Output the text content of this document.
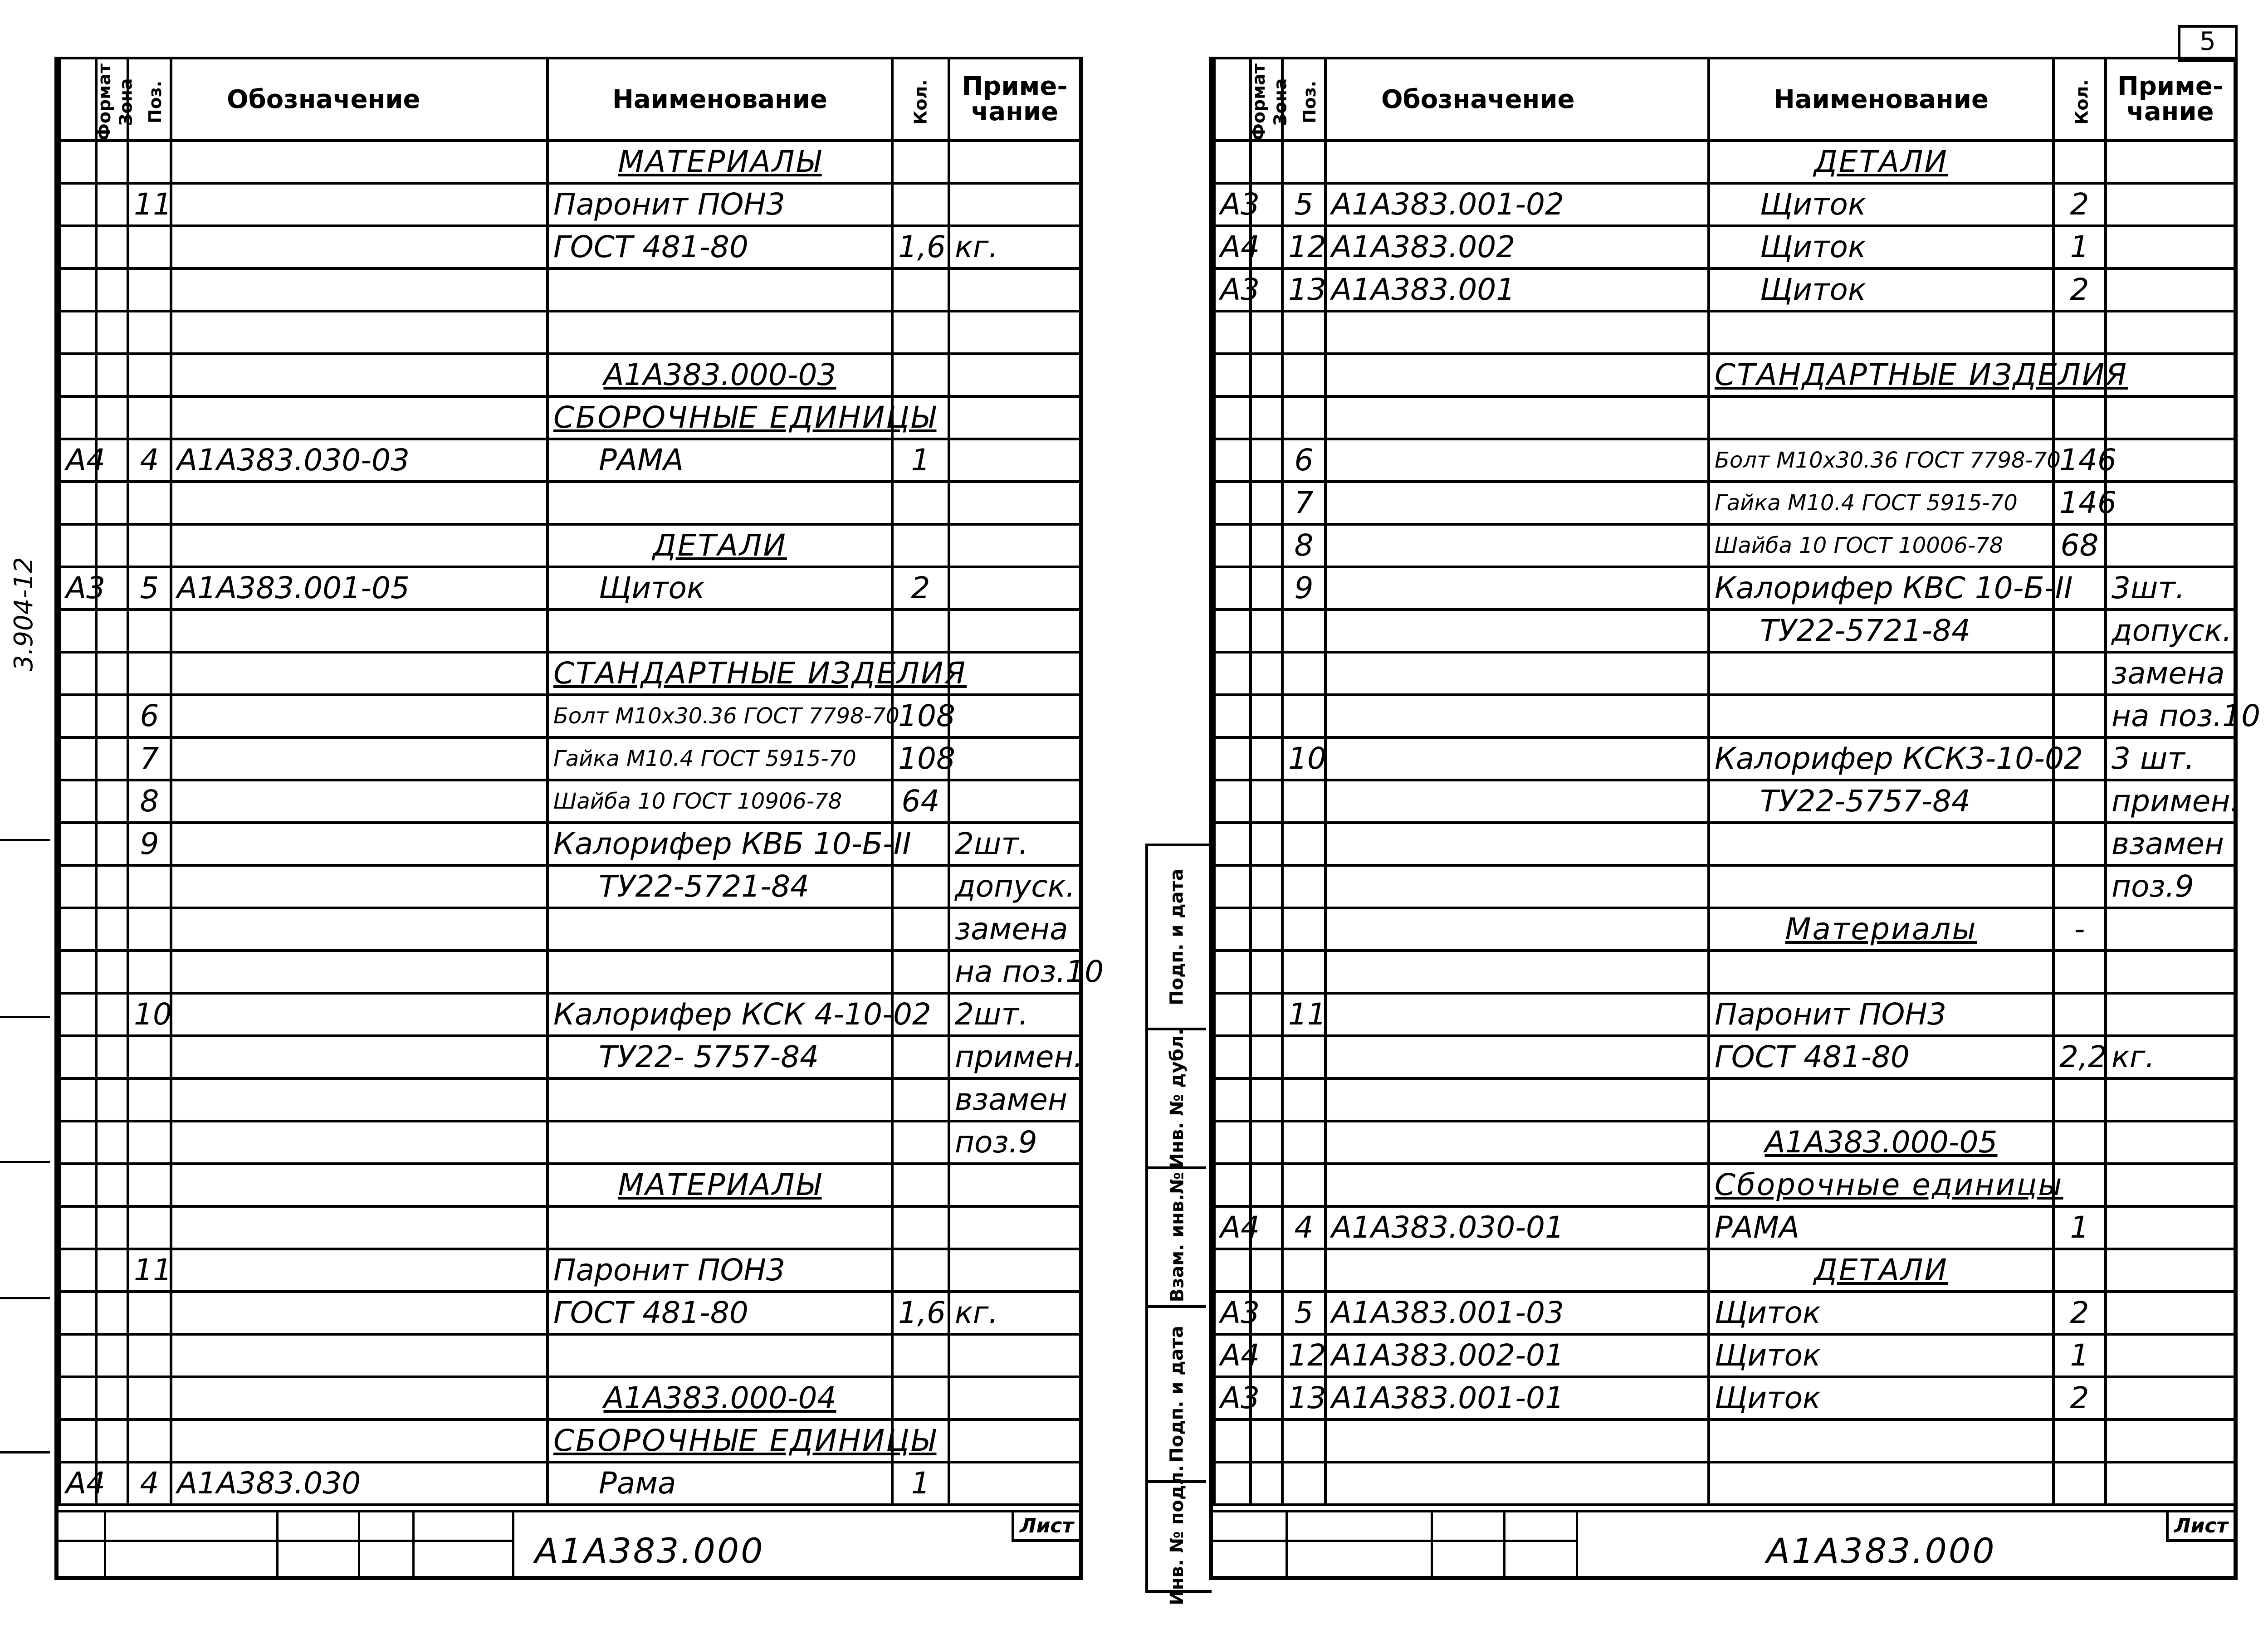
Формат	Зона	Поз.	Обозначение	Наименование	Кол.	Приме-
чание
				МАТЕРИАЛЫ		
		11		Паронит ПОН3		
				ГОСТ 481-80	1,6	кг.

				А1А383.000-03		
				СБОРОЧНЫЕ ЕДИНИЦЫ		
А4		4	А1А383.030-03	РАМА	1	

				ДЕТАЛИ		
А3		5	А1А383.001-05	Щиток	2	

				СТАНДАРТНЫЕ ИЗДЕЛИЯ		
		6		Болт М10х30.36 ГОСТ 7798-70	108	
		7		Гайка М10.4 ГОСТ 5915-70	108	
		8		Шайба 10 ГОСТ 10906-78	64	
		9		Калорифер КВБ 10-Б-II		2шт.
				ТУ22-5721-84		допуск.
						замена
						на поз.10
		10		Калорифер КСК 4-10-02		2шт.
				ТУ22- 5757-84		примен.
						взамен
						поз.9
				МАТЕРИАЛЫ		

		11		Паронит ПОН3		
				ГОСТ 481-80	1,6	кг.

				А1А383.000-04		
				СБОРОЧНЫЕ ЕДИНИЦЫ		
А4		4	А1А383.030	Рама	1	
А1А383.000
Лист
3.904-12
5
Формат	Зона	Поз.	Обозначение	Наименование	Кол.	Приме-
чание
				ДЕТАЛИ		
А3		5	А1А383.001-02	Щиток	2	
А4		12	А1А383.002	Щиток	1	
А3		13	А1А383.001	Щиток	2	

				СТАНДАРТНЫЕ ИЗДЕЛИЯ		

		6		Болт М10х30.36 ГОСТ 7798-70	146	
		7		Гайка М10.4 ГОСТ 5915-70	146	
		8		Шайба 10 ГОСТ 10006-78	68	
		9		Калорифер КВС 10-Б-II		3шт.
				ТУ22-5721-84		допуск.
						замена
						на поз.10
		10		Калорифер КСК3-10-02		3 шт.
				ТУ22-5757-84		примен.
						взамен
						поз.9
				Материалы	-	

		11		Паронит ПОН3		
				ГОСТ 481-80	2,2	кг.

				А1А383.000-05		
				Сборочные единицы		
А4		4	А1А383.030-01	РАМА	1	
				ДЕТАЛИ		
А3		5	А1А383.001-03	Щиток	2	
А4		12	А1А383.002-01	Щиток	1	
А3		13	А1А383.001-01	Щиток	2	

А1А383.000
Лист
Подп. и дата
Инв. № дубл.
Взам. инв.№
Подп. и дата
Инв. № подл.
